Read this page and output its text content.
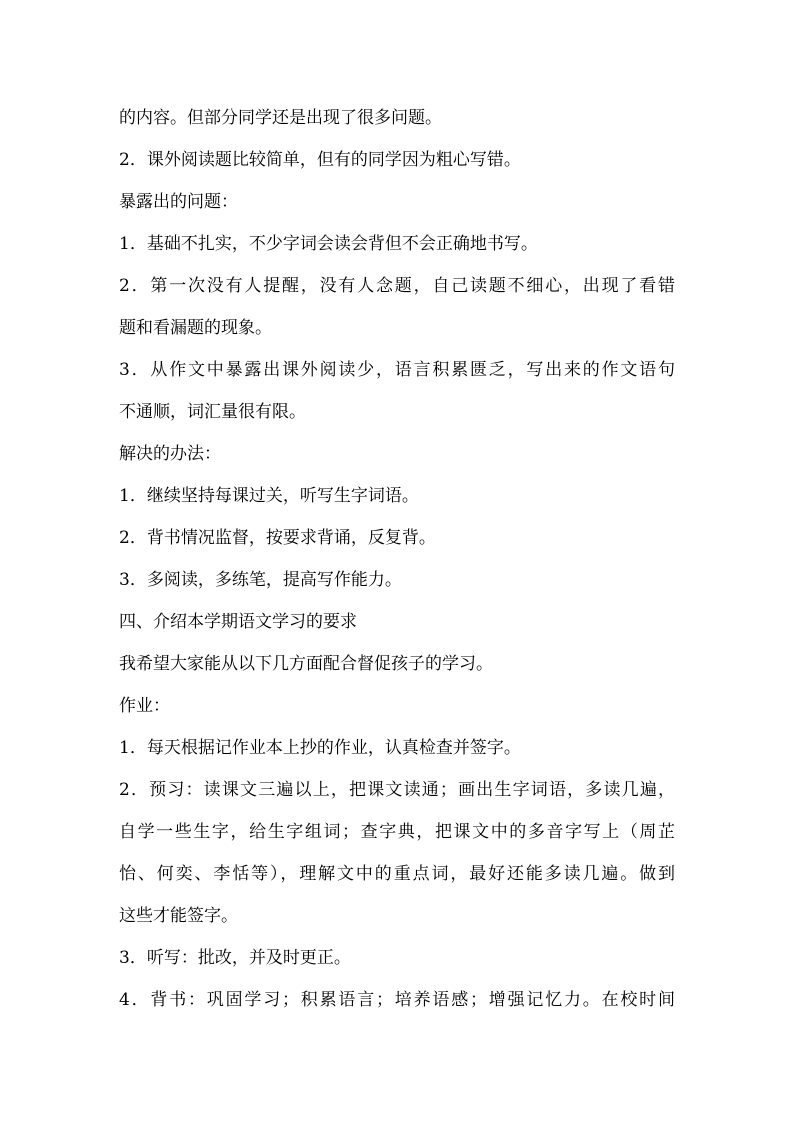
的内容。但部分同学还是出现了很多问题。

2．课外阅读题比较简单，但有的同学因为粗心写错。

暴露出的问题：

1．基础不扎实，不少字词会读会背但不会正确地书写。

2．第一次没有人提醒，没有人念题，自己读题不细心，出现了看错

题和看漏题的现象。

3．从作文中暴露出课外阅读少，语言积累匮乏，写出来的作文语句

不通顺，词汇量很有限。

解决的办法：

1．继续坚持每课过关，听写生字词语。

2．背书情况监督，按要求背诵，反复背。

3．多阅读，多练笔，提高写作能力。

四、介绍本学期语文学习的要求

我希望大家能从以下几方面配合督促孩子的学习。

作业：

1．每天根据记作业本上抄的作业，认真检查并签字。

2．预习：读课文三遍以上，把课文读通；画出生字词语，多读几遍，

自学一些生字，给生字组词；查字典，把课文中的多音字写上（周芷

怡、何奕、李恬等），理解文中的重点词，最好还能多读几遍。做到

这些才能签字。

3．听写：批改，并及时更正。

4．背书：巩固学习；积累语言；培养语感；增强记忆力。在校时间
